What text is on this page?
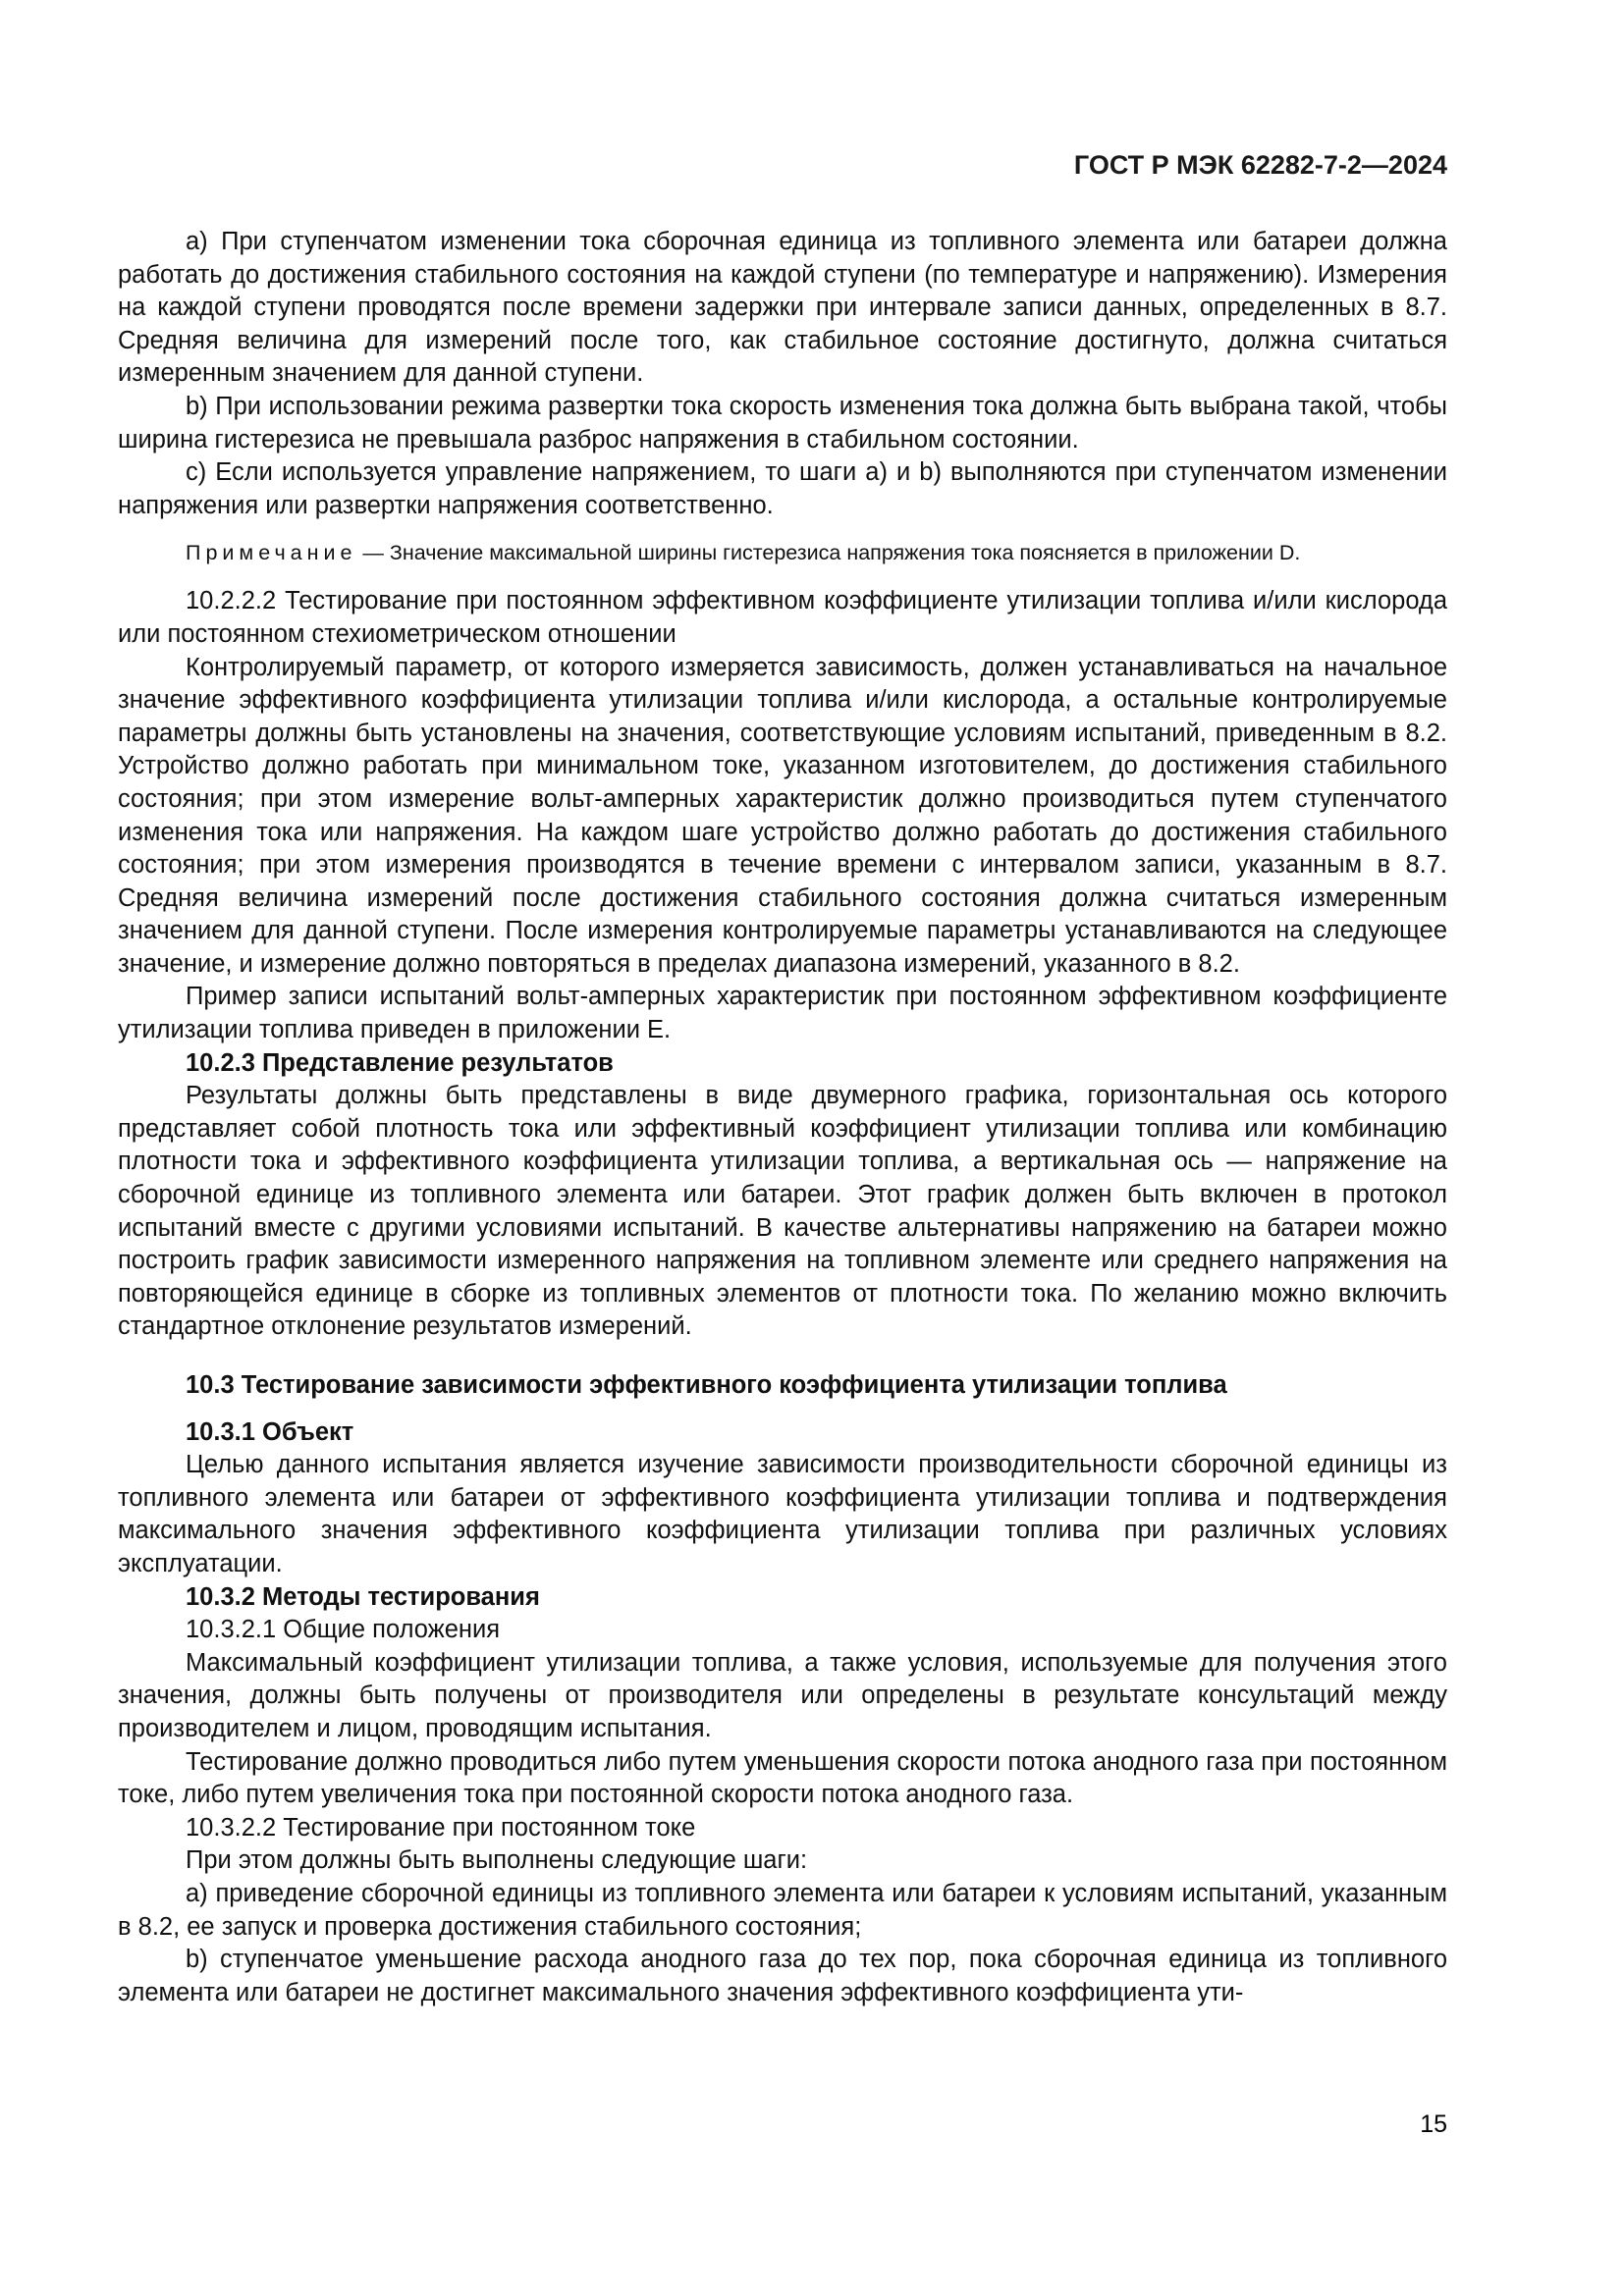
ГОСТ Р МЭК 62282-7-2—2024

a) При ступенчатом изменении тока сборочная единица из топливного элемента или батареи должна работать до достижения стабильного состояния на каждой ступени (по температуре и напряжению). Измерения на каждой ступени проводятся после времени задержки при интервале записи данных, определенных в 8.7. Средняя величина для измерений после того, как стабильное состояние достигнуто, должна считаться измеренным значением для данной ступени.

b) При использовании режима развертки тока скорость изменения тока должна быть выбрана такой, чтобы ширина гистерезиса не превышала разброс напряжения в стабильном состоянии.

c) Если используется управление напряжением, то шаги a) и b) выполняются при ступенчатом изменении напряжения или развертки напряжения соответственно.

Примечание — Значение максимальной ширины гистерезиса напряжения тока поясняется в приложении D.

10.2.2.2 Тестирование при постоянном эффективном коэффициенте утилизации топлива и/или кислорода или постоянном стехиометрическом отношении

Контролируемый параметр, от которого измеряется зависимость, должен устанавливаться на начальное значение эффективного коэффициента утилизации топлива и/или кислорода, а остальные контролируемые параметры должны быть установлены на значения, соответствующие условиям испытаний, приведенным в 8.2. Устройство должно работать при минимальном токе, указанном изготовителем, до достижения стабильного состояния; при этом измерение вольт-амперных характеристик должно производиться путем ступенчатого изменения тока или напряжения. На каждом шаге устройство должно работать до достижения стабильного состояния; при этом измерения производятся в течение времени с интервалом записи, указанным в 8.7. Средняя величина измерений после достижения стабильного состояния должна считаться измеренным значением для данной ступени. После измерения контролируемые параметры устанавливаются на следующее значение, и измерение должно повторяться в пределах диапазона измерений, указанного в 8.2.

Пример записи испытаний вольт-амперных характеристик при постоянном эффективном коэффициенте утилизации топлива приведен в приложении E.

10.2.3 Представление результатов

Результаты должны быть представлены в виде двумерного графика, горизонтальная ось которого представляет собой плотность тока или эффективный коэффициент утилизации топлива или комбинацию плотности тока и эффективного коэффициента утилизации топлива, а вертикальная ось — напряжение на сборочной единице из топливного элемента или батареи. Этот график должен быть включен в протокол испытаний вместе с другими условиями испытаний. В качестве альтернативы напряжению на батареи можно построить график зависимости измеренного напряжения на топливном элементе или среднего напряжения на повторяющейся единице в сборке из топливных элементов от плотности тока. По желанию можно включить стандартное отклонение результатов измерений.

10.3 Тестирование зависимости эффективного коэффициента утилизации топлива

10.3.1 Объект

Целью данного испытания является изучение зависимости производительности сборочной единицы из топливного элемента или батареи от эффективного коэффициента утилизации топлива и подтверждения максимального значения эффективного коэффициента утилизации топлива при различных условиях эксплуатации.

10.3.2 Методы тестирования

10.3.2.1 Общие положения

Максимальный коэффициент утилизации топлива, а также условия, используемые для получения этого значения, должны быть получены от производителя или определены в результате консультаций между производителем и лицом, проводящим испытания.

Тестирование должно проводиться либо путем уменьшения скорости потока анодного газа при постоянном токе, либо путем увеличения тока при постоянной скорости потока анодного газа.

10.3.2.2 Тестирование при постоянном токе

При этом должны быть выполнены следующие шаги:

a) приведение сборочной единицы из топливного элемента или батареи к условиям испытаний, указанным в 8.2, ее запуск и проверка достижения стабильного состояния;

b) ступенчатое уменьшение расхода анодного газа до тех пор, пока сборочная единица из топливного элемента или батареи не достигнет максимального значения эффективного коэффициента ути-

15
